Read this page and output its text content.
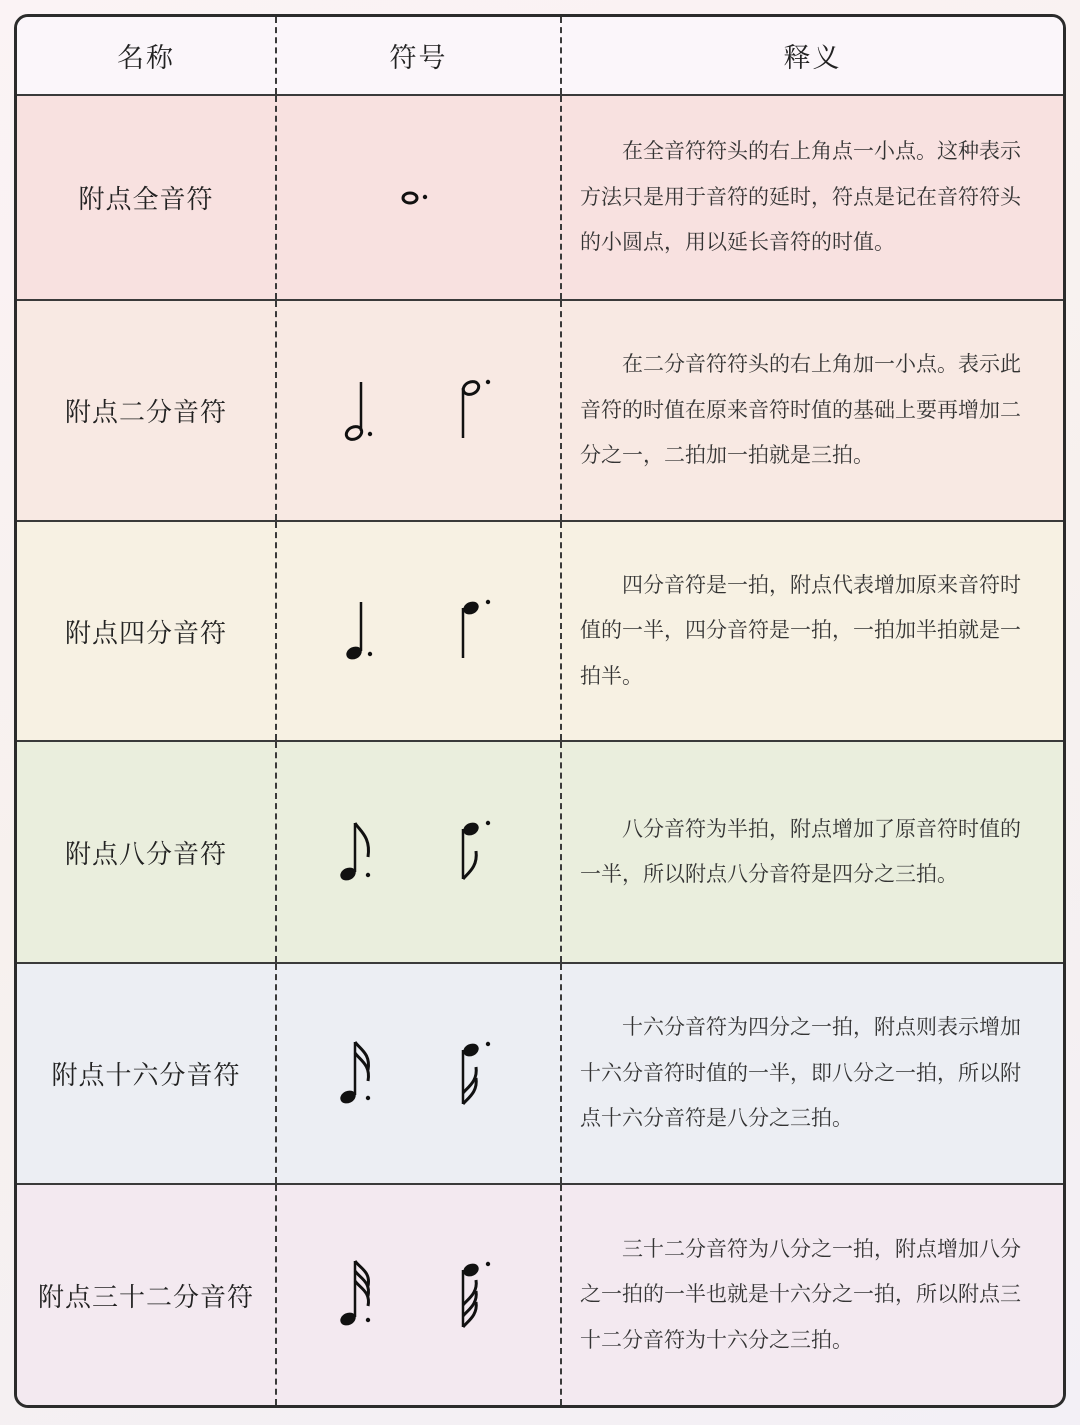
名称	符号	释义
附点全音符		在全音符符头的右上角点一小点。这种表示方法只是用于音符的延时，符点是记在音符符头的小圆点，用以延长音符的时值。

附点二分音符		在二分音符符头的右上角加一小点。表示此音符的时值在原来音符时值的基础上要再增加二分之一，二拍加一拍就是三拍。

附点四分音符		四分音符是一拍，附点代表增加原来音符时值的一半，四分音符是一拍，一拍加半拍就是一拍半。

附点八分音符		八分音符为半拍，附点增加了原音符时值的一半，所以附点八分音符是四分之三拍。

附点十六分音符		十六分音符为四分之一拍，附点则表示增加十六分音符时值的一半，即八分之一拍，所以附点十六分音符是八分之三拍。

附点三十二分音符		三十二分音符为八分之一拍，附点增加八分之一拍的一半也就是十六分之一拍，所以附点三十二分音符为十六分之三拍。
